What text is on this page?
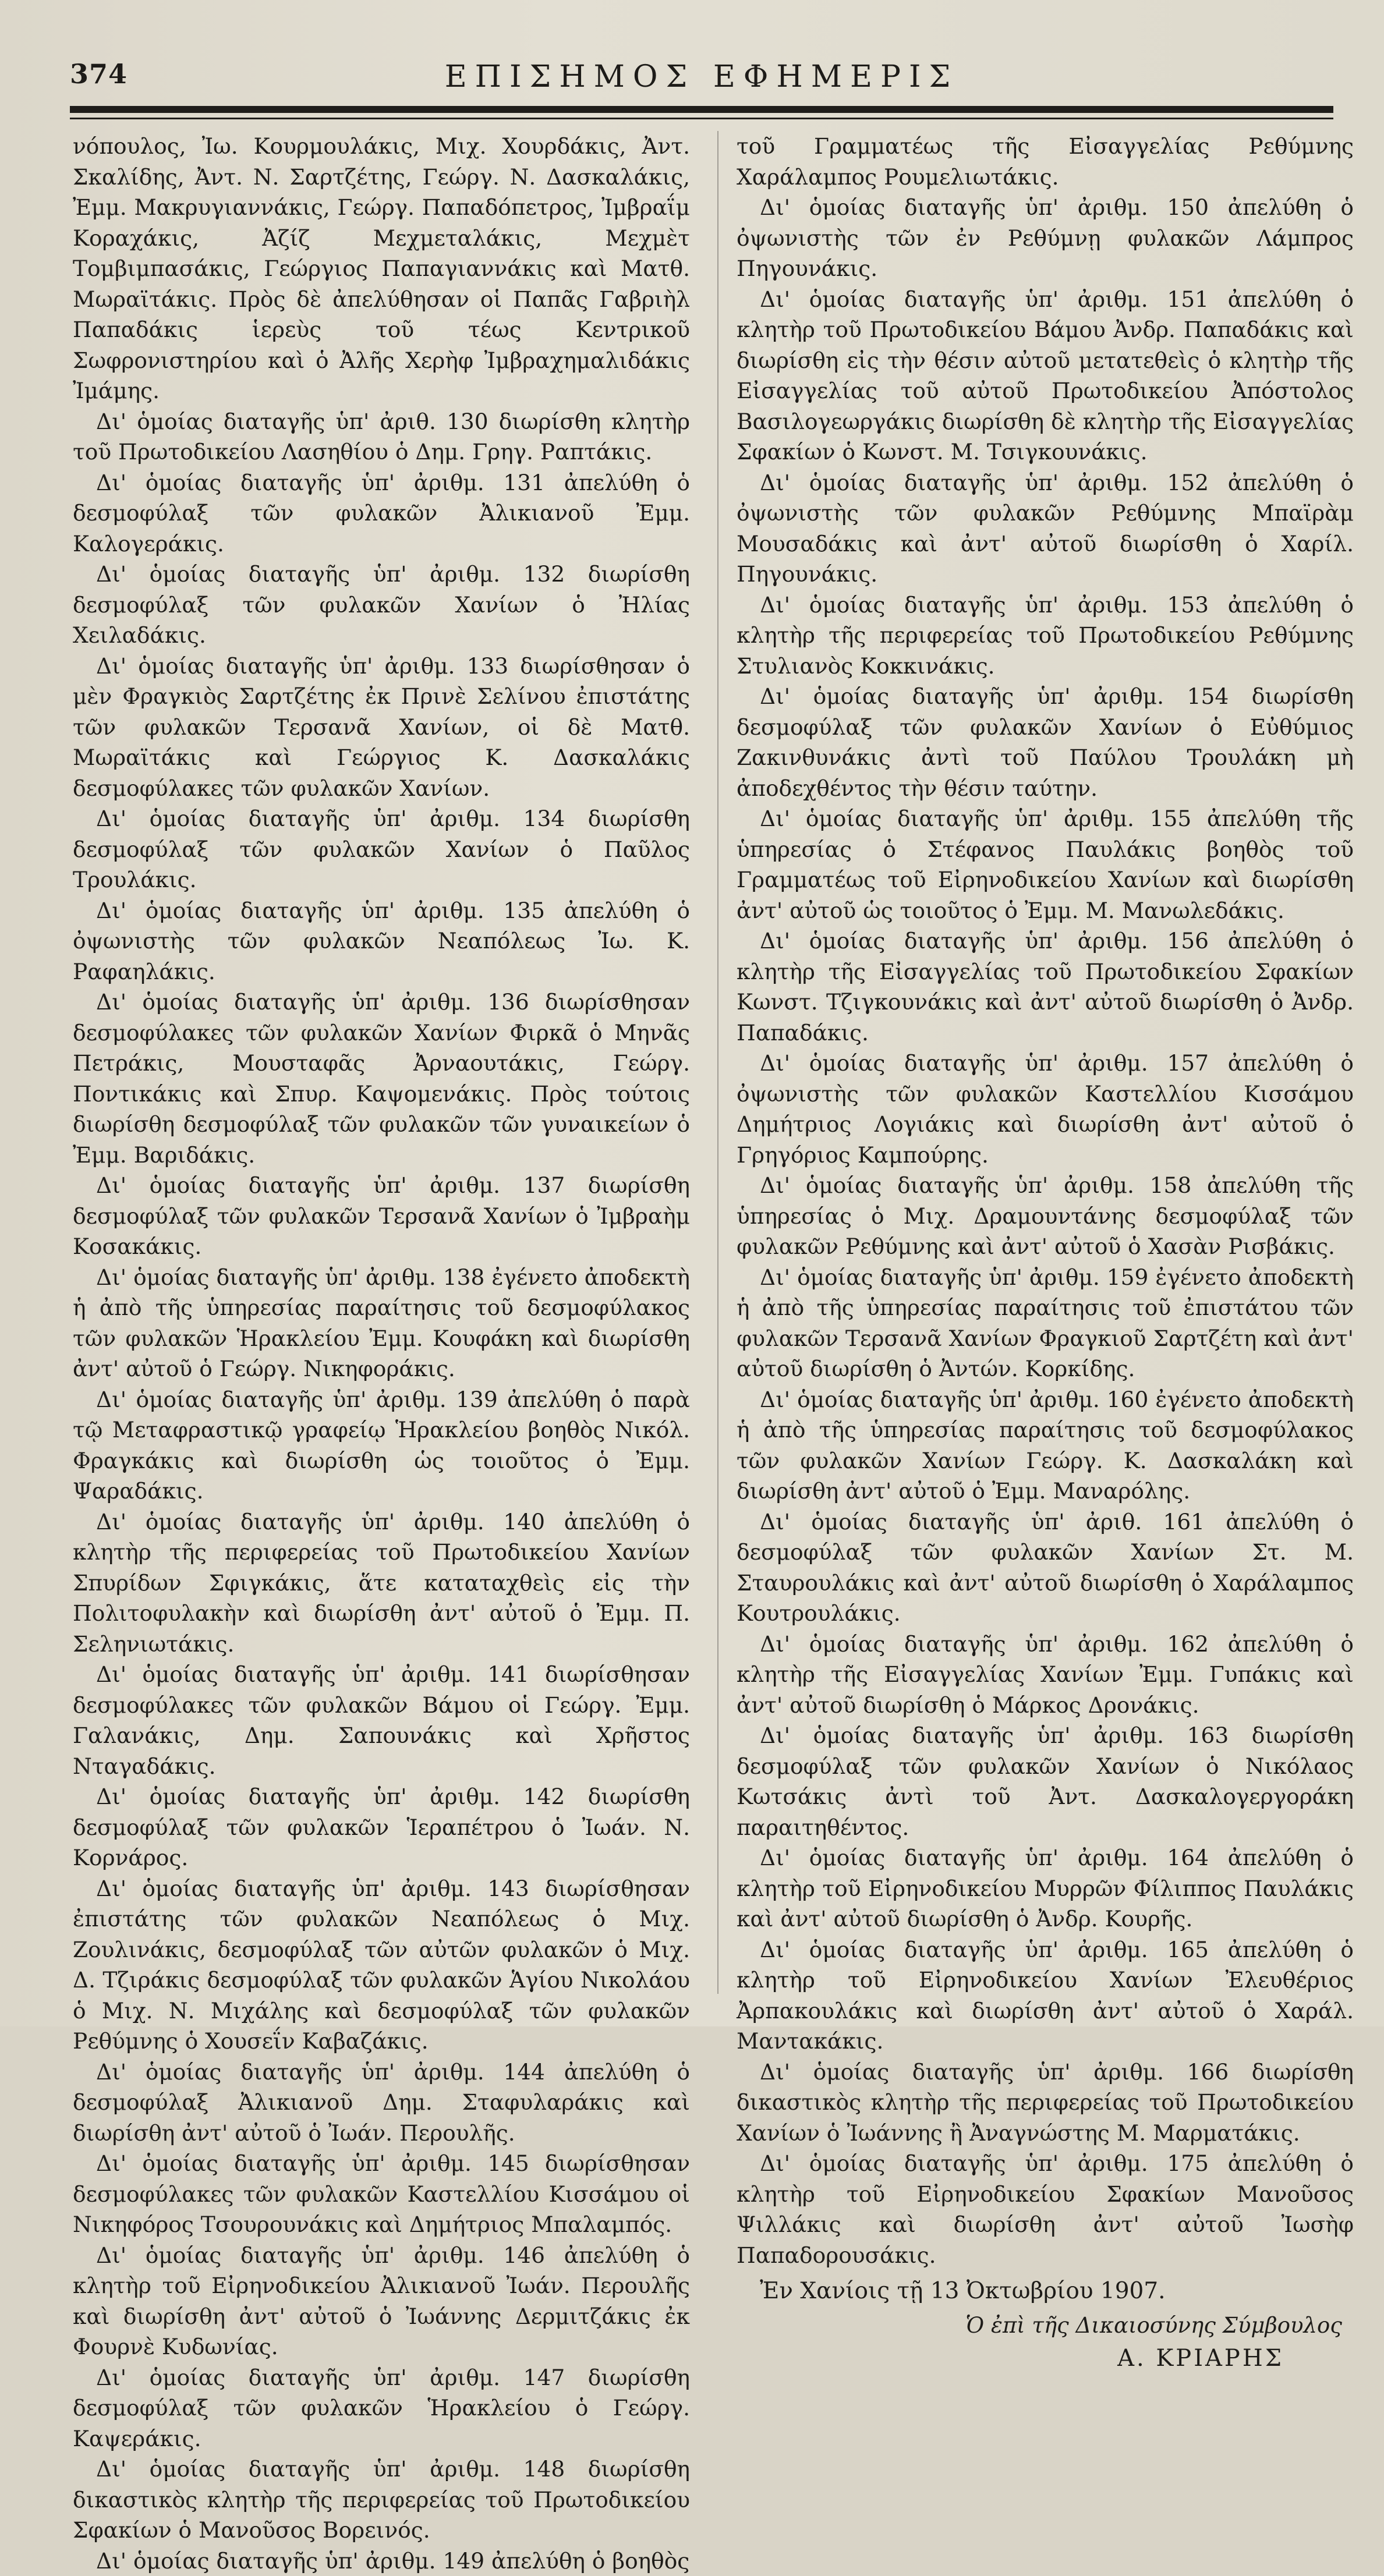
374	ΕΠΙΣΗΜΟΣ ΕΦΗΜΕΡΙΣ

νόπουλος, Ἰω. Κουρμουλάκις, Μιχ. Χουρδάκις, Ἀντ. Σκαλίδης, Ἀντ. Ν. Σαρτζέτης, Γεώργ. Ν. Δασκαλάκις, Ἐμμ. Μακρυγιαννάκις, Γεώργ. Παπαδόπετρος, Ἰμβραΐμ Κοραχάκις, Ἀζίζ Μεχμεταλάκις, Μεχμὲτ Τομβιμπασάκις, Γεώργιος Παπαγιαννάκις καὶ Ματθ. Μωραϊτάκις. Πρὸς δὲ ἀπελύθησαν οἱ Παπᾶς Γαβριὴλ Παπαδάκις ἱερεὺς τοῦ τέως Κεντρικοῦ Σωφρονιστηρίου καὶ ὁ Ἀλῆς Χερὴφ Ἰμβραχημαλιδάκις Ἰμάμης.

Δι' ὁμοίας διαταγῆς ὑπ' ἀριθ. 130 διωρίσθη κλητὴρ τοῦ Πρωτοδικείου Λασηθίου ὁ Δημ. Γρηγ. Ραπτάκις.

Δι' ὁμοίας διαταγῆς ὑπ' ἀριθμ. 131 ἀπελύθη ὁ δεσμοφύλαξ τῶν φυλακῶν Ἀλικιανοῦ Ἐμμ. Καλογεράκις.

Δι' ὁμοίας διαταγῆς ὑπ' ἀριθμ. 132 διωρίσθη δεσμοφύλαξ τῶν φυλακῶν Χανίων ὁ Ἠλίας Χειλαδάκις.

Δι' ὁμοίας διαταγῆς ὑπ' ἀριθμ. 133 διωρίσθησαν ὁ μὲν Φραγκιὸς Σαρτζέτης ἐκ Πρινὲ Σελίνου ἐπιστάτης τῶν φυλακῶν Τερσανᾶ Χανίων, οἱ δὲ Ματθ. Μωραϊτάκις καὶ Γεώργιος Κ. Δασκαλάκις δεσμοφύλακες τῶν φυλακῶν Χανίων.

Δι' ὁμοίας διαταγῆς ὑπ' ἀριθμ. 134 διωρίσθη δεσμοφύλαξ τῶν φυλακῶν Χανίων ὁ Παῦλος Τρουλάκις.

Δι' ὁμοίας διαταγῆς ὑπ' ἀριθμ. 135 ἀπελύθη ὁ ὀψωνιστὴς τῶν φυλακῶν Νεαπόλεως Ἰω. Κ. Ραφαηλάκις.

Δι' ὁμοίας διαταγῆς ὑπ' ἀριθμ. 136 διωρίσθησαν δεσμοφύλακες τῶν φυλακῶν Χανίων Φιρκᾶ ὁ Μηνᾶς Πετράκις, Μουσταφᾶς Ἀρναουτάκις, Γεώργ. Ποντικάκις καὶ Σπυρ. Καψομενάκις. Πρὸς τούτοις διωρίσθη δεσμοφύλαξ τῶν φυλακῶν τῶν γυναικείων ὁ Ἐμμ. Βαριδάκις.

Δι' ὁμοίας διαταγῆς ὑπ' ἀριθμ. 137 διωρίσθη δεσμοφύλαξ τῶν φυλακῶν Τερσανᾶ Χανίων ὁ Ἰμβραὴμ Κοσακάκις.

Δι' ὁμοίας διαταγῆς ὑπ' ἀριθμ. 138 ἐγένετο ἀποδεκτὴ ἡ ἀπὸ τῆς ὑπηρεσίας παραίτησις τοῦ δεσμοφύλακος τῶν φυλακῶν Ἡρακλείου Ἐμμ. Κουφάκη καὶ διωρίσθη ἀντ' αὐτοῦ ὁ Γεώργ. Νικηφοράκις.

Δι' ὁμοίας διαταγῆς ὑπ' ἀριθμ. 139 ἀπελύθη ὁ παρὰ τῷ Μεταφραστικῷ γραφείῳ Ἡρακλείου βοηθὸς Νικόλ. Φραγκάκις καὶ διωρίσθη ὡς τοιοῦτος ὁ Ἐμμ. Ψαραδάκις.

Δι' ὁμοίας διαταγῆς ὑπ' ἀριθμ. 140 ἀπελύθη ὁ κλητὴρ τῆς περιφερείας τοῦ Πρωτοδικείου Χανίων Σπυρίδων Σφιγκάκις, ἅτε καταταχθεὶς εἰς τὴν Πολιτοφυλακὴν καὶ διωρίσθη ἀντ' αὐτοῦ ὁ Ἐμμ. Π. Σεληνιωτάκις.

Δι' ὁμοίας διαταγῆς ὑπ' ἀριθμ. 141 διωρίσθησαν δεσμοφύλακες τῶν φυλακῶν Βάμου οἱ Γεώργ. Ἐμμ. Γαλανάκις, Δημ. Σαπουνάκις καὶ Χρῆστος Νταγαδάκις.

Δι' ὁμοίας διαταγῆς ὑπ' ἀριθμ. 142 διωρίσθη δεσμοφύλαξ τῶν φυλακῶν Ἱεραπέτρου ὁ Ἰωάν. Ν. Κορνάρος.

Δι' ὁμοίας διαταγῆς ὑπ' ἀριθμ. 143 διωρίσθησαν ἐπιστάτης τῶν φυλακῶν Νεαπόλεως ὁ Μιχ. Ζουλινάκις, δεσμοφύλαξ τῶν αὐτῶν φυλακῶν ὁ Μιχ. Δ. Τζιράκις δεσμοφύλαξ τῶν φυλακῶν Ἁγίου Νικολάου ὁ Μιχ. Ν. Μιχάλης καὶ δεσμοφύλαξ τῶν φυλακῶν Ρεθύμνης ὁ Χουσεΐν Καβαζάκις.

Δι' ὁμοίας διαταγῆς ὑπ' ἀριθμ. 144 ἀπελύθη ὁ δεσμοφύλαξ Ἀλικιανοῦ Δημ. Σταφυλαράκις καὶ διωρίσθη ἀντ' αὐτοῦ ὁ Ἰωάν. Περουλῆς.

Δι' ὁμοίας διαταγῆς ὑπ' ἀριθμ. 145 διωρίσθησαν δεσμοφύλακες τῶν φυλακῶν Καστελλίου Κισσάμου οἱ Νικηφόρος Τσουρουνάκις καὶ Δημήτριος Μπαλαμπός.

Δι' ὁμοίας διαταγῆς ὑπ' ἀριθμ. 146 ἀπελύθη ὁ κλητὴρ τοῦ Εἰρηνοδικείου Ἀλικιανοῦ Ἰωάν. Περουλῆς καὶ διωρίσθη ἀντ' αὐτοῦ ὁ Ἰωάννης Δερμιτζάκις ἐκ Φουρνὲ Κυδωνίας.

Δι' ὁμοίας διαταγῆς ὑπ' ἀριθμ. 147 διωρίσθη δεσμοφύλαξ τῶν φυλακῶν Ἡρακλείου ὁ Γεώργ. Καψεράκις.

Δι' ὁμοίας διαταγῆς ὑπ' ἀριθμ. 148 διωρίσθη δικαστικὸς κλητὴρ τῆς περιφερείας τοῦ Πρωτοδικείου Σφακίων ὁ Μανοῦσος Βορεινός.

Δι' ὁμοίας διαταγῆς ὑπ' ἀριθμ. 149 ἀπελύθη ὁ βοηθὸς

τοῦ Γραμματέως τῆς Εἰσαγγελίας Ρεθύμνης Χαράλαμπος Ρουμελιωτάκις.

Δι' ὁμοίας διαταγῆς ὑπ' ἀριθμ. 150 ἀπελύθη ὁ ὀψωνιστὴς τῶν ἐν Ρεθύμνῃ φυλακῶν Λάμπρος Πηγουνάκις.

Δι' ὁμοίας διαταγῆς ὑπ' ἀριθμ. 151 ἀπελύθη ὁ κλητὴρ τοῦ Πρωτοδικείου Βάμου Ἀνδρ. Παπαδάκις καὶ διωρίσθη εἰς τὴν θέσιν αὐτοῦ μετατεθεὶς ὁ κλητὴρ τῆς Εἰσαγγελίας τοῦ αὐτοῦ Πρωτοδικείου Ἀπόστολος Βασιλογεωργάκις διωρίσθη δὲ κλητὴρ τῆς Εἰσαγγελίας Σφακίων ὁ Κωνστ. Μ. Τσιγκουνάκις.

Δι' ὁμοίας διαταγῆς ὑπ' ἀριθμ. 152 ἀπελύθη ὁ ὀψωνιστὴς τῶν φυλακῶν Ρεθύμνης Μπαϊρὰμ Μουσαδάκις καὶ ἀντ' αὐτοῦ διωρίσθη ὁ Χαρίλ. Πηγουνάκις.

Δι' ὁμοίας διαταγῆς ὑπ' ἀριθμ. 153 ἀπελύθη ὁ κλητὴρ τῆς περιφερείας τοῦ Πρωτοδικείου Ρεθύμνης Στυλιανὸς Κοκκινάκις.

Δι' ὁμοίας διαταγῆς ὑπ' ἀριθμ. 154 διωρίσθη δεσμοφύλαξ τῶν φυλακῶν Χανίων ὁ Εὐθύμιος Ζακινθυνάκις ἀντὶ τοῦ Παύλου Τρουλάκη μὴ ἀποδεχθέντος τὴν θέσιν ταύτην.

Δι' ὁμοίας διαταγῆς ὑπ' ἀριθμ. 155 ἀπελύθη τῆς ὑπηρεσίας ὁ Στέφανος Παυλάκις βοηθὸς τοῦ Γραμματέως τοῦ Εἰρηνοδικείου Χανίων καὶ διωρίσθη ἀντ' αὐτοῦ ὡς τοιοῦτος ὁ Ἐμμ. Μ. Μανωλεδάκις.

Δι' ὁμοίας διαταγῆς ὑπ' ἀριθμ. 156 ἀπελύθη ὁ κλητὴρ τῆς Εἰσαγγελίας τοῦ Πρωτοδικείου Σφακίων Κωνστ. Τζιγκουνάκις καὶ ἀντ' αὐτοῦ διωρίσθη ὁ Ἀνδρ. Παπαδάκις.

Δι' ὁμοίας διαταγῆς ὑπ' ἀριθμ. 157 ἀπελύθη ὁ ὀψωνιστὴς τῶν φυλακῶν Καστελλίου Κισσάμου Δημήτριος Λογιάκις καὶ διωρίσθη ἀντ' αὐτοῦ ὁ Γρηγόριος Καμπούρης.

Δι' ὁμοίας διαταγῆς ὑπ' ἀριθμ. 158 ἀπελύθη τῆς ὑπηρεσίας ὁ Μιχ. Δραμουντάνης δεσμοφύλαξ τῶν φυλακῶν Ρεθύμνης καὶ ἀντ' αὐτοῦ ὁ Χασὰν Ρισβάκις.

Δι' ὁμοίας διαταγῆς ὑπ' ἀριθμ. 159 ἐγένετο ἀποδεκτὴ ἡ ἀπὸ τῆς ὑπηρεσίας παραίτησις τοῦ ἐπιστάτου τῶν φυλακῶν Τερσανᾶ Χανίων Φραγκιοῦ Σαρτζέτη καὶ ἀντ' αὐτοῦ διωρίσθη ὁ Ἀντών. Κορκίδης.

Δι' ὁμοίας διαταγῆς ὑπ' ἀριθμ. 160 ἐγένετο ἀποδεκτὴ ἡ ἀπὸ τῆς ὑπηρεσίας παραίτησις τοῦ δεσμοφύλακος τῶν φυλακῶν Χανίων Γεώργ. Κ. Δασκαλάκη καὶ διωρίσθη ἀντ' αὐτοῦ ὁ Ἐμμ. Μαναρόλης.

Δι' ὁμοίας διαταγῆς ὑπ' ἀριθ. 161 ἀπελύθη ὁ δεσμοφύλαξ τῶν φυλακῶν Χανίων Στ. Μ. Σταυρουλάκις καὶ ἀντ' αὐτοῦ διωρίσθη ὁ Χαράλαμπος Κουτρουλάκις.

Δι' ὁμοίας διαταγῆς ὑπ' ἀριθμ. 162 ἀπελύθη ὁ κλητὴρ τῆς Εἰσαγγελίας Χανίων Ἐμμ. Γυπάκις καὶ ἀντ' αὐτοῦ διωρίσθη ὁ Μάρκος Δρονάκις.

Δι' ὁμοίας διαταγῆς ὑπ' ἀριθμ. 163 διωρίσθη δεσμοφύλαξ τῶν φυλακῶν Χανίων ὁ Νικόλαος Κωτσάκις ἀντὶ τοῦ Ἀντ. Δασκαλογεργοράκη παραιτηθέντος.

Δι' ὁμοίας διαταγῆς ὑπ' ἀριθμ. 164 ἀπελύθη ὁ κλητὴρ τοῦ Εἰρηνοδικείου Μυρρῶν Φίλιππος Παυλάκις καὶ ἀντ' αὐτοῦ διωρίσθη ὁ Ἀνδρ. Κουρῆς.

Δι' ὁμοίας διαταγῆς ὑπ' ἀριθμ. 165 ἀπελύθη ὁ κλητὴρ τοῦ Εἰρηνοδικείου Χανίων Ἐλευθέριος Ἀρπακουλάκις καὶ διωρίσθη ἀντ' αὐτοῦ ὁ Χαράλ. Μαντακάκις.

Δι' ὁμοίας διαταγῆς ὑπ' ἀριθμ. 166 διωρίσθη δικαστικὸς κλητὴρ τῆς περιφερείας τοῦ Πρωτοδικείου Χανίων ὁ Ἰωάννης ἢ Ἀναγνώστης Μ. Μαρματάκις.

Δι' ὁμοίας διαταγῆς ὑπ' ἀριθμ. 175 ἀπελύθη ὁ κλητὴρ τοῦ Εἰρηνοδικείου Σφακίων Μανοῦσος Ψιλλάκις καὶ διωρίσθη ἀντ' αὐτοῦ Ἰωσὴφ Παπαδορουσάκις.

Ἐν Χανίοις τῇ 13 Ὀκτωβρίου 1907.

Ὁ ἐπὶ τῆς Δικαιοσύνης Σύμβουλος

Α. ΚΡΙΑΡΗΣ
